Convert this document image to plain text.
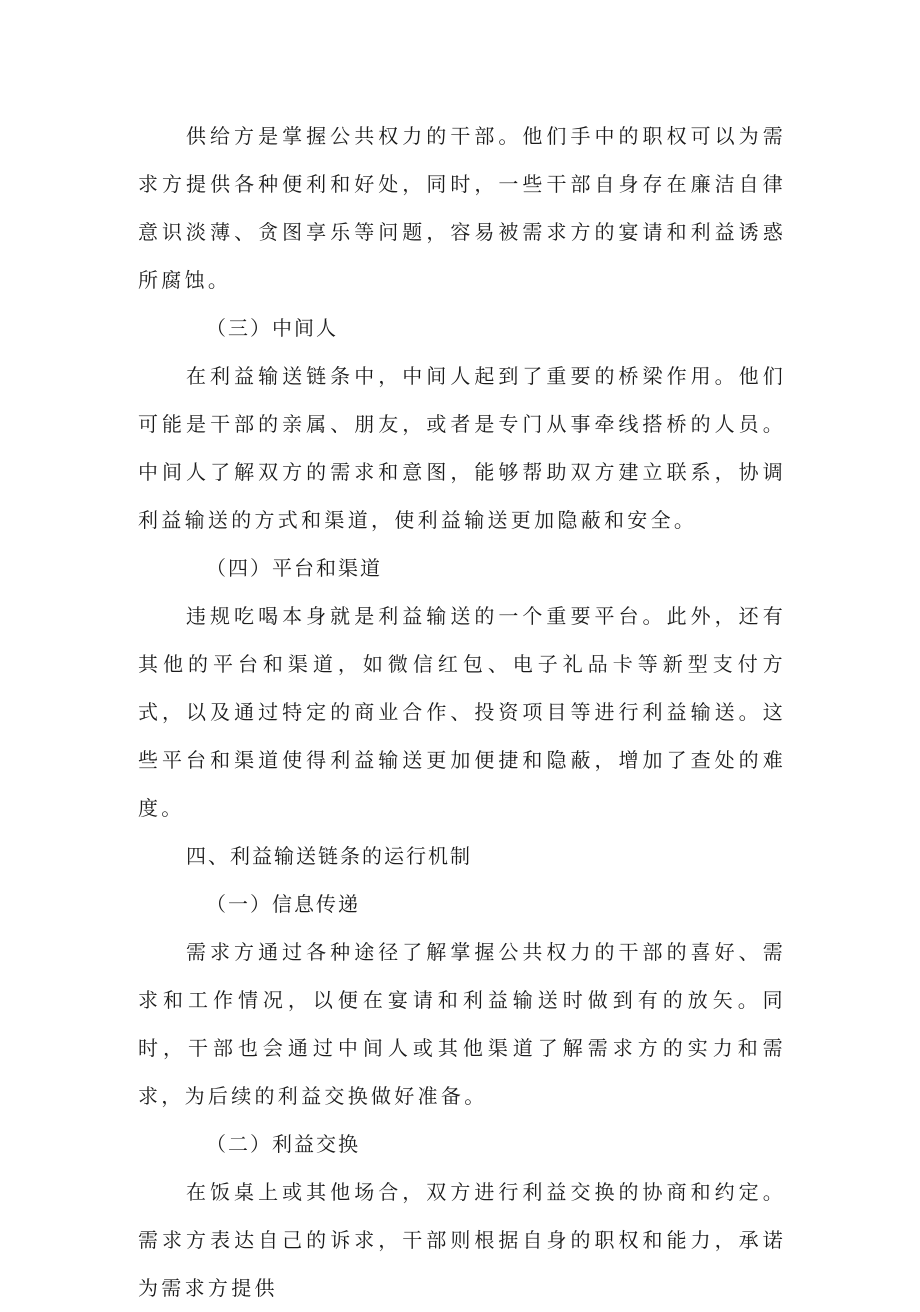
供给方是掌握公共权力的干部。他们手中的职权可以为需求方提供各种便利和好处，同时，一些干部自身存在廉洁自律意识淡薄、贪图享乐等问题，容易被需求方的宴请和利益诱惑所腐蚀。

（三）中间人

在利益输送链条中，中间人起到了重要的桥梁作用。他们可能是干部的亲属、朋友，或者是专门从事牵线搭桥的人员。中间人了解双方的需求和意图，能够帮助双方建立联系，协调利益输送的方式和渠道，使利益输送更加隐蔽和安全。

（四）平台和渠道

违规吃喝本身就是利益输送的一个重要平台。此外，还有其他的平台和渠道，如微信红包、电子礼品卡等新型支付方式，以及通过特定的商业合作、投资项目等进行利益输送。这些平台和渠道使得利益输送更加便捷和隐蔽，增加了查处的难度。

四、利益输送链条的运行机制

（一）信息传递

需求方通过各种途径了解掌握公共权力的干部的喜好、需求和工作情况，以便在宴请和利益输送时做到有的放矢。同时，干部也会通过中间人或其他渠道了解需求方的实力和需求，为后续的利益交换做好准备。

（二）利益交换

在饭桌上或其他场合，双方进行利益交换的协商和约定。需求方表达自己的诉求，干部则根据自身的职权和能力，承诺为需求方提供
